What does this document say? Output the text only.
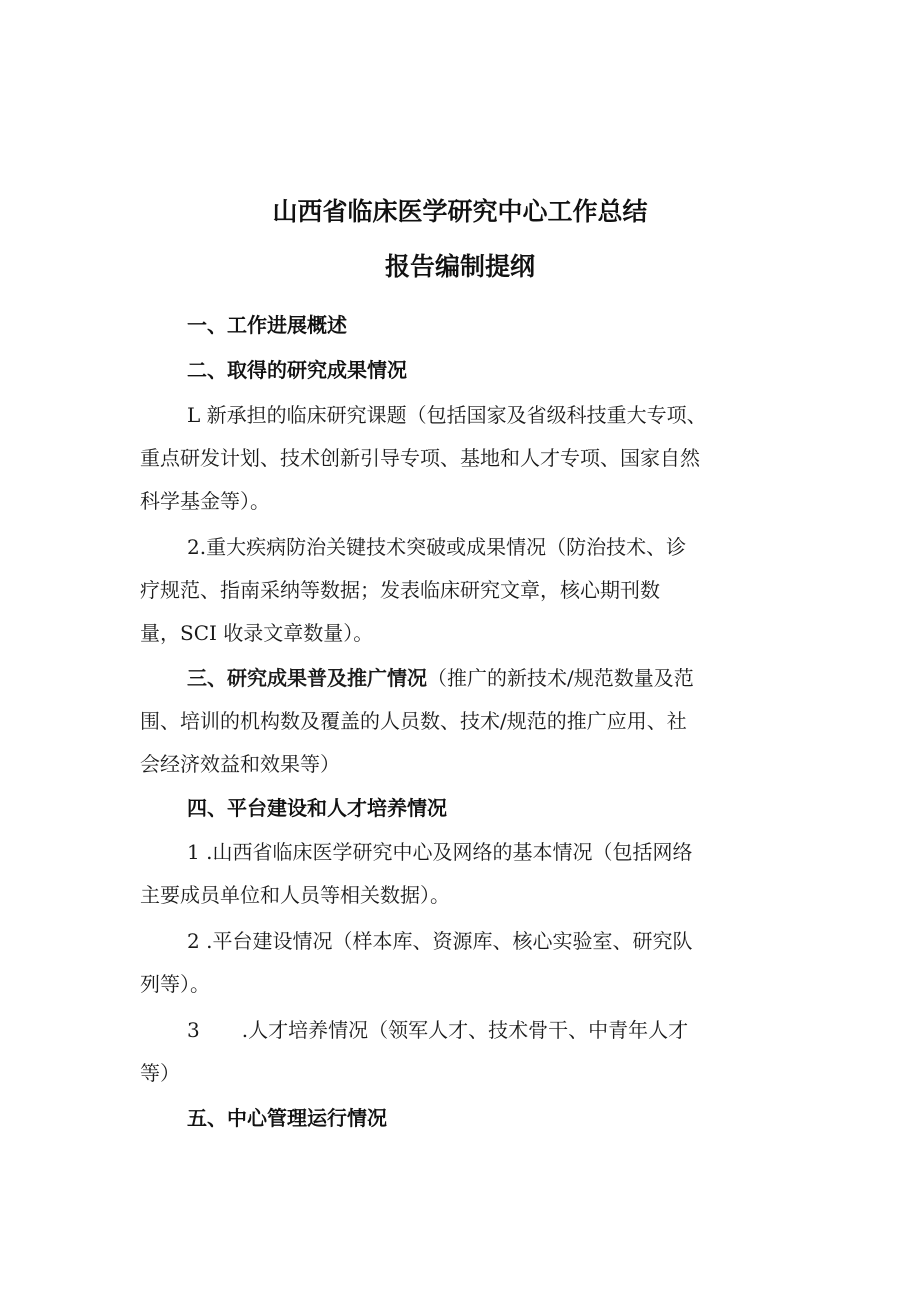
山西省临床医学研究中心工作总结
报告编制提纲
一、工作进展概述
二、取得的研究成果情况
L 新承担的临床研究课题（包括国家及省级科技重大专项、
重点研发计划、技术创新引导专项、基地和人才专项、国家自然
科学基金等）。
2.重大疾病防治关键技术突破或成果情况（防治技术、诊
疗规范、指南采纳等数据；发表临床研究文章，核心期刊数
量，SCI 收录文章数量）。
三、研究成果普及推广情况（推广的新技术/规范数量及范
围、培训的机构数及覆盖的人员数、技术/规范的推广应用、社
会经济效益和效果等）
四、平台建设和人才培养情况
1 .山西省临床医学研究中心及网络的基本情况（包括网络
主要成员单位和人员等相关数据）。
2 .平台建设情况（样本库、资源库、核心实验室、研究队
列等）。
3 .人才培养情况（领军人才、技术骨干、中青年人才
等）
五、中心管理运行情况
